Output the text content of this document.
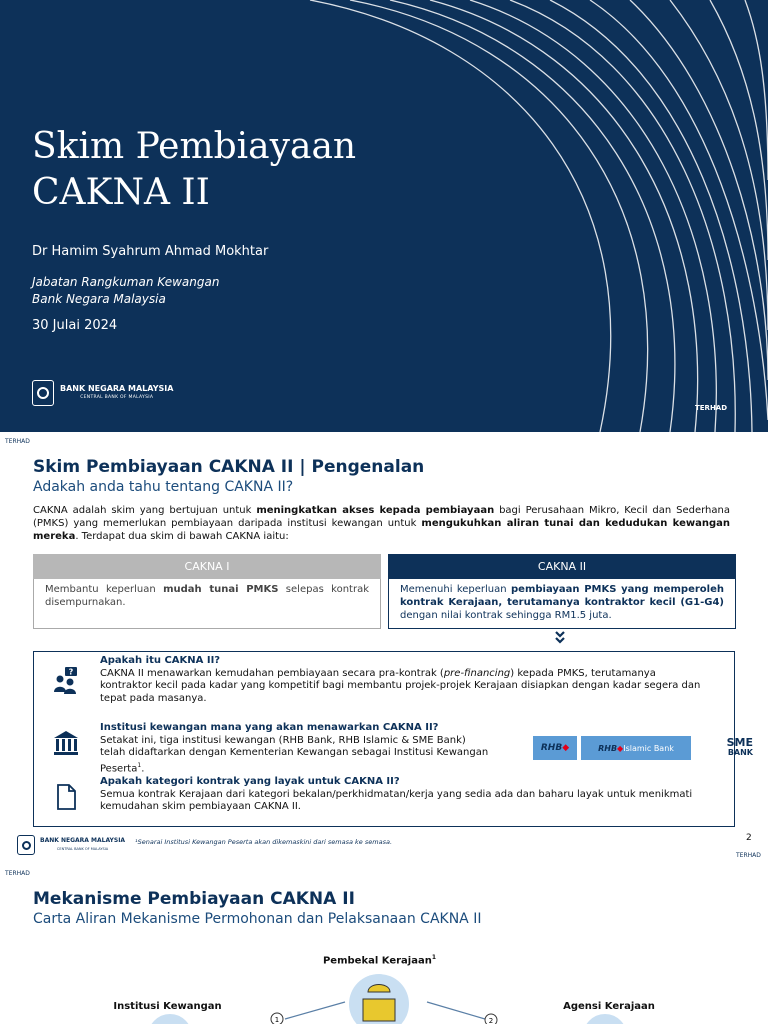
Skim Pembiayaan
CAKNA II
Dr Hamim Syahrum Ahmad Mokhtar
Jabatan Rangkuman Kewangan
Bank Negara Malaysia
30 Julai 2024
BANK NEGARA MALAYSIA
CENTRAL BANK OF MALAYSIA
TERHAD
TERHAD
Skim Pembiayaan CAKNA II | Pengenalan
Adakah anda tahu tentang CAKNA II?

CAKNA adalah skim yang bertujuan untuk meningkatkan akses kepada pembiayaan bagi Perusahaan Mikro, Kecil dan Sederhana (PMKS) yang memerlukan pembiayaan daripada institusi kewangan untuk mengukuhkan aliran tunai dan kedudukan kewangan mereka. Terdapat dua skim di bawah CAKNA iaitu:

CAKNA I
Membantu keperluan mudah tunai PMKS selepas kontrak disempurnakan.
CAKNA II
Memenuhi keperluan pembiayaan PMKS yang memperoleh kontrak Kerajaan, terutamanya kontraktor kecil (G1-G4) dengan nilai kontrak sehingga RM1.5 juta.
?
Apakah itu CAKNA II?
CAKNA II menawarkan kemudahan pembiayaan secara pra-kontrak (pre-financing) kepada PMKS, terutamanya kontraktor kecil pada kadar yang kompetitif bagi membantu projek-projek Kerajaan disiapkan dengan kadar segera dan tepat pada masanya.
Institusi kewangan mana yang akan menawarkan CAKNA II?
Setakat ini, tiga institusi kewangan (RHB Bank, RHB Islamic & SME Bank)
telah didaftarkan dengan Kementerian Kewangan sebagai Institusi Kewangan Peserta$^1$.
RHB ◆	RHB ◆ Islamic Bank	SME
BANK
Apakah kategori kontrak yang layak untuk CAKNA II?
Semua kontrak Kerajaan dari kategori bekalan/perkhidmatan/kerja yang sedia ada dan baharu layak untuk menikmati kemudahan skim pembiayaan CAKNA II.
BANK NEGARA MALAYSIA
CENTRAL BANK OF MALAYSIA
¹Senarai Institusi Kewangan Peserta akan dikemaskini dari semasa ke semasa.	2
TERHAD
TERHAD
Mekanisme Pembiayaan CAKNA II
Carta Aliran Mekanisme Permohonan dan Pelaksanaan CAKNA II
1	2
Pembekal Kerajaan$^1$
Institusi Kewangan	Agensi Kerajaan
